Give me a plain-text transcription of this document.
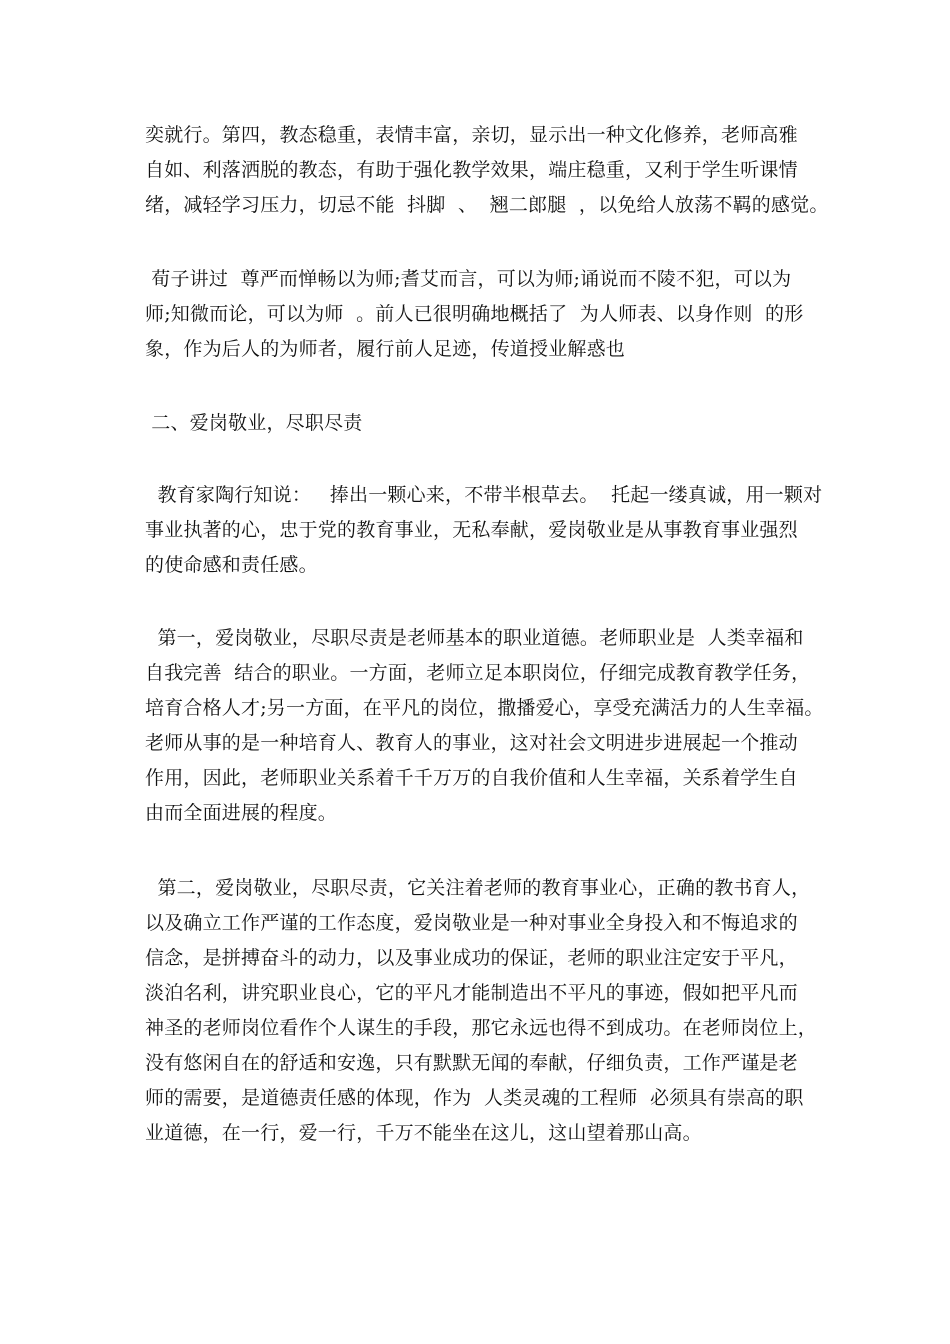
奕就行。第四，教态稳重，表情丰富，亲切，显示出一种文化修养，老师高雅
自如、利落洒脱的教态，有助于强化教学效果，端庄稳重，又利于学生听课情
绪，减轻学习压力，切忌不能  抖脚  、  翘二郎腿  ，以免给人放荡不羁的感觉。
荀子讲过  尊严而惮畅以为师;耆艾而言，可以为师;诵说而不陵不犯，可以为
师;知微而论，可以为师  。前人已很明确地概括了  为人师表、以身作则  的形
象，作为后人的为师者，履行前人足迹，传道授业解惑也
二、爱岗敬业，尽职尽责
教育家陶行知说：   捧出一颗心来，不带半根草去。  托起一缕真诚，用一颗对
事业执著的心，忠于党的教育事业，无私奉献，爱岗敬业是从事教育事业强烈
的使命感和责任感。
第一，爱岗敬业，尽职尽责是老师基本的职业道德。老师职业是  人类幸福和
自我完善  结合的职业。一方面，老师立足本职岗位，仔细完成教育教学任务，
培育合格人才;另一方面，在平凡的岗位，撒播爱心，享受充满活力的人生幸福。
老师从事的是一种培育人、教育人的事业，这对社会文明进步进展起一个推动
作用，因此，老师职业关系着千千万万的自我价值和人生幸福，关系着学生自
由而全面进展的程度。
第二，爱岗敬业，尽职尽责，它关注着老师的教育事业心，正确的教书育人，
以及确立工作严谨的工作态度，爱岗敬业是一种对事业全身投入和不悔追求的
信念，是拼搏奋斗的动力，以及事业成功的保证，老师的职业注定安于平凡，
淡泊名利，讲究职业良心，它的平凡才能制造出不平凡的事迹，假如把平凡而
神圣的老师岗位看作个人谋生的手段，那它永远也得不到成功。在老师岗位上，
没有悠闲自在的舒适和安逸，只有默默无闻的奉献，仔细负责，工作严谨是老
师的需要，是道德责任感的体现，作为  人类灵魂的工程师  必须具有崇高的职
业道德，在一行，爱一行，千万不能坐在这儿，这山望着那山高。
